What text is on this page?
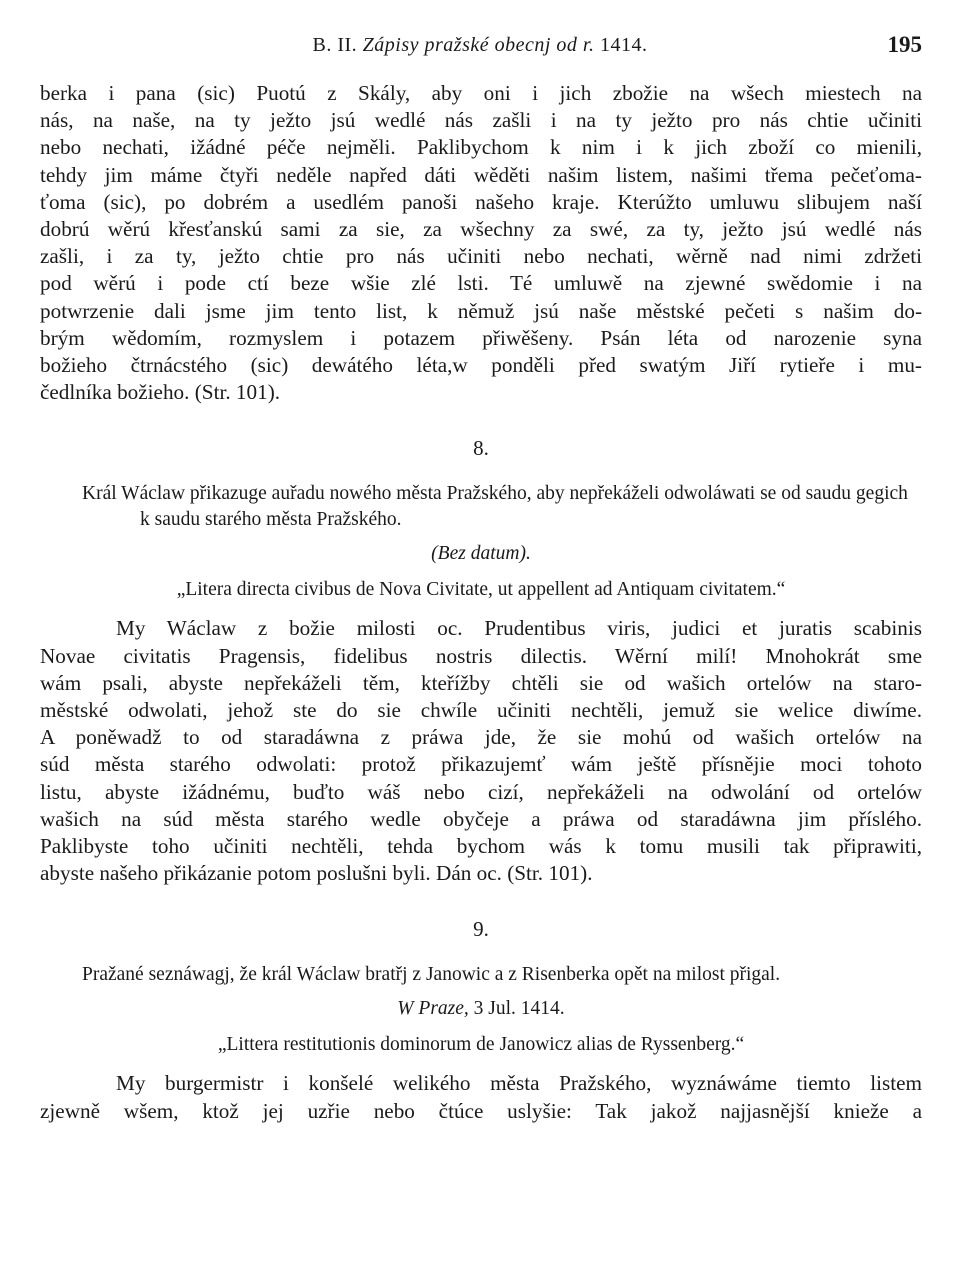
B. II. Zápisy pražské obecnj od r. 1414.	195
berka i pana (sic) Puotú z Skály, aby oni i jich zbožie na wšech miestech na
nás, na naše, na ty ježto jsú wedlé nás zašli i na ty ježto pro nás chtie učiniti
nebo nechati, ižádné péče nejměli. Paklibychom k nim i k jich zboží co mienili,
tehdy jim máme čtyři neděle napřed dáti wěděti našim listem, našimi třema pečeťoma-
ťoma (sic), po dobrém a usedlém panoši našeho kraje. Kterúžto umluwu slibujem naší
dobrú wěrú křesťanskú sami za sie, za wšechny za swé, za ty, ježto jsú wedlé nás
zašli, i za ty, ježto chtie pro nás učiniti nebo nechati, wěrně nad nimi zdržeti
pod wěrú i pode ctí beze wšie zlé lsti. Té umluwě na zjewné swědomie i na
potwrzenie dali jsme jim tento list, k němuž jsú naše městské pečeti s našim do-
brým wědomím, rozmyslem i potazem přiwěšeny. Psán léta od narozenie syna
božieho čtrnácstého (sic) dewátého léta,w ponděli před swatým Jiří rytieře i mu-
čedlníka božieho. (Str. 101).
8.

Král Wáclaw přikazuge auřadu nowého města Pražského, aby nepřekáželi odwoláwati se od saudu gegich k saudu starého města Pražského.

(Bez datum).
„Litera directa civibus de Nova Civitate, ut appellent ad Antiquam civitatem.“
My Wáclaw z božie milosti oc. Prudentibus viris, judici et juratis scabinis
Novae civitatis Pragensis, fidelibus nostris dilectis. Wěrní milí! Mnohokrát sme
wám psali, abyste nepřekáželi těm, kteřížby chtěli sie od wašich ortelów na staro-
městské odwolati, jehož ste do sie chwíle učiniti nechtěli, jemuž sie welice diwíme.
A poněwadž to od staradáwna z práwa jde, že sie mohú od wašich ortelów na
súd města starého odwolati: protož přikazujemť wám ještě přísnějie moci tohoto
listu, abyste ižádnému, buďto wáš nebo cizí, nepřekáželi na odwolání od ortelów
wašich na súd města starého wedle obyčeje a práwa od staradáwna jim příslého.
Paklibyste toho učiniti nechtěli, tehda bychom wás k tomu musili tak připrawiti,
abyste našeho přikázanie potom poslušni byli. Dán oc. (Str. 101).
9.

Pražané seznáwagj, že král Wáclaw bratřj z Janowic a z Risenberka opět na milost přigal.

W Praze, 3 Jul. 1414.
„Littera restitutionis dominorum de Janowicz alias de Ryssenberg.“
My burgermistr i konšelé welikého města Pražského, wyznáwáme tiemto listem
zjewně wšem, ktož jej uzřie nebo čtúce uslyšie: Tak jakož najjasnější knieže a
